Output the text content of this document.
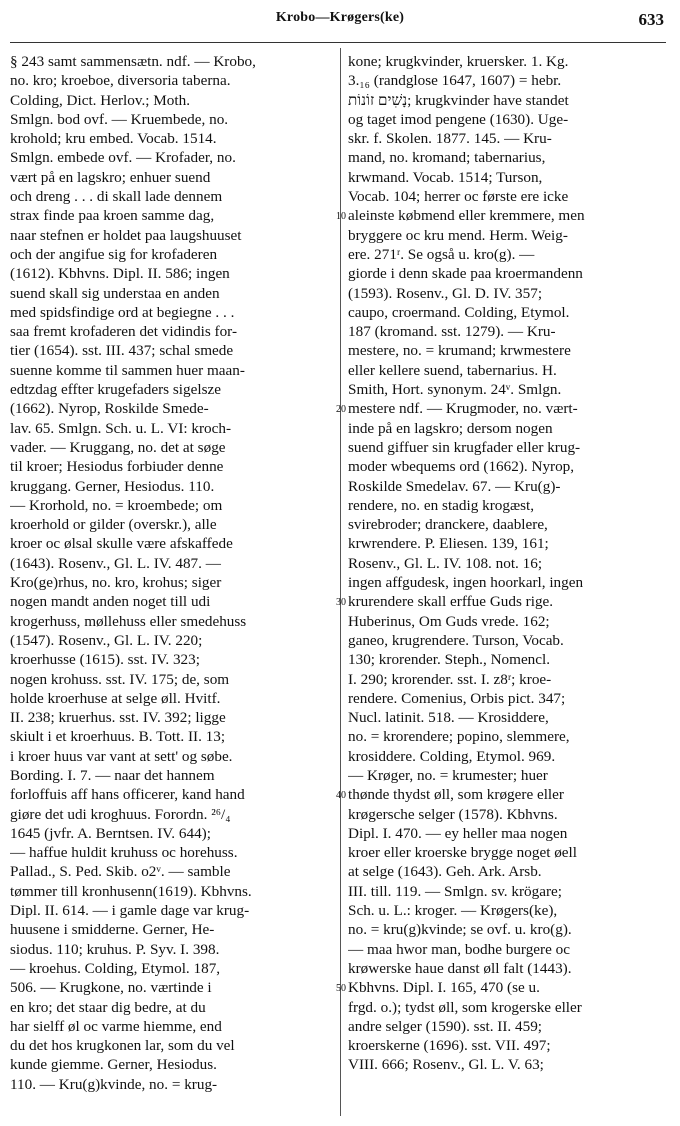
Krobo—Krøgers(ke)	633
§ 243 samt sammensætn. ndf. — Krobo,
no. kro; kroeboe, diversoria taberna.
Colding, Dict. Herlov.; Moth.
Smlgn. bod ovf. — Kruembede, no.
krohold; kru embed. Vocab. 1514.
Smlgn. embede ovf. — Krofader, no.
vært på en lagskro; enhuer suend
och dreng . . . di skall lade dennem
strax finde paa kroen samme dag,
naar stefnen er holdet paa laugshuuset
och der angifue sig for krofaderen
(1612). Kbhvns. Dipl. II. 586; ingen
suend skall sig understaa en anden
med spidsfindige ord at begiegne . . .
saa fremt krofaderen det vidindis for-
tier (1654). sst. III. 437; schal smede
suenne komme til sammen huer maan-
edtzdag effter krugefaders sigelsze
(1662). Nyrop, Roskilde Smede-
lav. 65. Smlgn. Sch. u. L. VI: kroch-
vader. — Kruggang, no. det at søge
til kroer; Hesiodus forbiuder denne
kruggang. Gerner, Hesiodus. 110.
— Krorhold, no. = kroembede; om
kroerhold or gilder (overskr.), alle
kroer oc ølsal skulle være afskaffede
(1643). Rosenv., Gl. L. IV. 487. —
Kro(ge)rhus, no. kro, krohus; siger
nogen mandt anden noget till udi
krogerhuss, møllehuss eller smedehuss
(1547). Rosenv., Gl. L. IV. 220;
kroerhusse (1615). sst. IV. 323;
nogen krohuss. sst. IV. 175; de, som
holde kroerhuse at selge øll. Hvitf.
II. 238; kruerhus. sst. IV. 392; ligge
skiult i et kroerhuus. B. Tott. II. 13;
i kroer huus var vant at sett' og søbe.
Bording. I. 7. — naar det hannem
forloffuis aff hans officerer, kand hand
giøre det udi kroghuus. Forordn. ²⁶/₄
1645 (jvfr. A. Berntsen. IV. 644);
— haffue huldit kruhuss oc horehuss.
Pallad., S. Ped. Skib. o2ᵛ. — samble
tømmer till kronhusenn(1619). Kbhvns.
Dipl. II. 614. — i gamle dage var krug-
huusene i smidderne. Gerner, He-
siodus. 110; kruhus. P. Syv. I. 398.
— kroehus. Colding, Etymol. 187,
506. — Krugkone, no. værtinde i
en kro; det staar dig bedre, at du
har sielff øl oc varme hiemme, end
du det hos krugkonen lar, som du vel
kunde giemme. Gerner, Hesiodus.
110. — Kru(g)kvinde, no. = krug-
kone; krugkvinder, kruersker. 1. Kg.
3.₁₆ (randglose 1647, 1607) = hebr.
נָשִׁים זוֹנוֹת; krugkvinder have standet
og taget imod pengene (1630). Uge-
skr. f. Skolen. 1877. 145. — Kru-
mand, no. kromand; tabernarius,
krwmand. Vocab. 1514; Turson,
Vocab. 104; herrer oc første ere icke
aleinste købmend eller kremmere, men
bryggere oc kru mend. Herm. Weig-
ere. 271ʳ. Se også u. kro(g). —
giorde i denn skade paa kroermandenn
(1593). Rosenv., Gl. D. IV. 357;
caupo, croermand. Colding, Etymol.
187 (kromand. sst. 1279). — Kru-
mestere, no. = krumand; krwmestere
eller kellere suend, tabernarius. H.
Smith, Hort. synonym. 24ᵛ. Smlgn.
mestere ndf. — Krugmoder, no. vært-
inde på en lagskro; dersom nogen
suend giffuer sin krugfader eller krug-
moder wbequems ord (1662). Nyrop,
Roskilde Smedelav. 67. — Kru(g)-
rendere, no. en stadig krogæst,
svirebroder; dranckere, daablere,
krwrendere. P. Eliesen. 139, 161;
Rosenv., Gl. L. IV. 108. not. 16;
ingen affgudesk, ingen hoorkarl, ingen
krurendere skall erffue Guds rige.
Huberinus, Om Guds vrede. 162;
ganeo, krugrendere. Turson, Vocab.
130; krorender. Steph., Nomencl.
I. 290; krorender. sst. I. z8ʳ; kroe-
rendere. Comenius, Orbis pict. 347;
Nucl. latinit. 518. — Krosiddere,
no. = krorendere; popino, slemmere,
krosiddere. Colding, Etymol. 969.
— Krøger, no. = krumester; huer
thønde thydst øll, som krøgere eller
krøgersche selger (1578). Kbhvns.
Dipl. I. 470. — ey heller maa nogen
kroer eller kroerske brygge noget øell
at selge (1643). Geh. Ark. Arsb.
III. till. 119. — Smlgn. sv. krögare;
Sch. u. L.: kroger. — Krøgers(ke),
no. = kru(g)kvinde; se ovf. u. kro(g).
— maa hwor man, bodhe burgere oc
krøwerske haue danst øll falt (1443).
Kbhvns. Dipl. I. 165, 470 (se u.
frgd. o.); tydst øll, som krogerske eller
andre selger (1590). sst. II. 459;
kroerskerne (1696). sst. VII. 497;
VIII. 666; Rosenv., Gl. L. V. 63;
10
20
30
40
50
